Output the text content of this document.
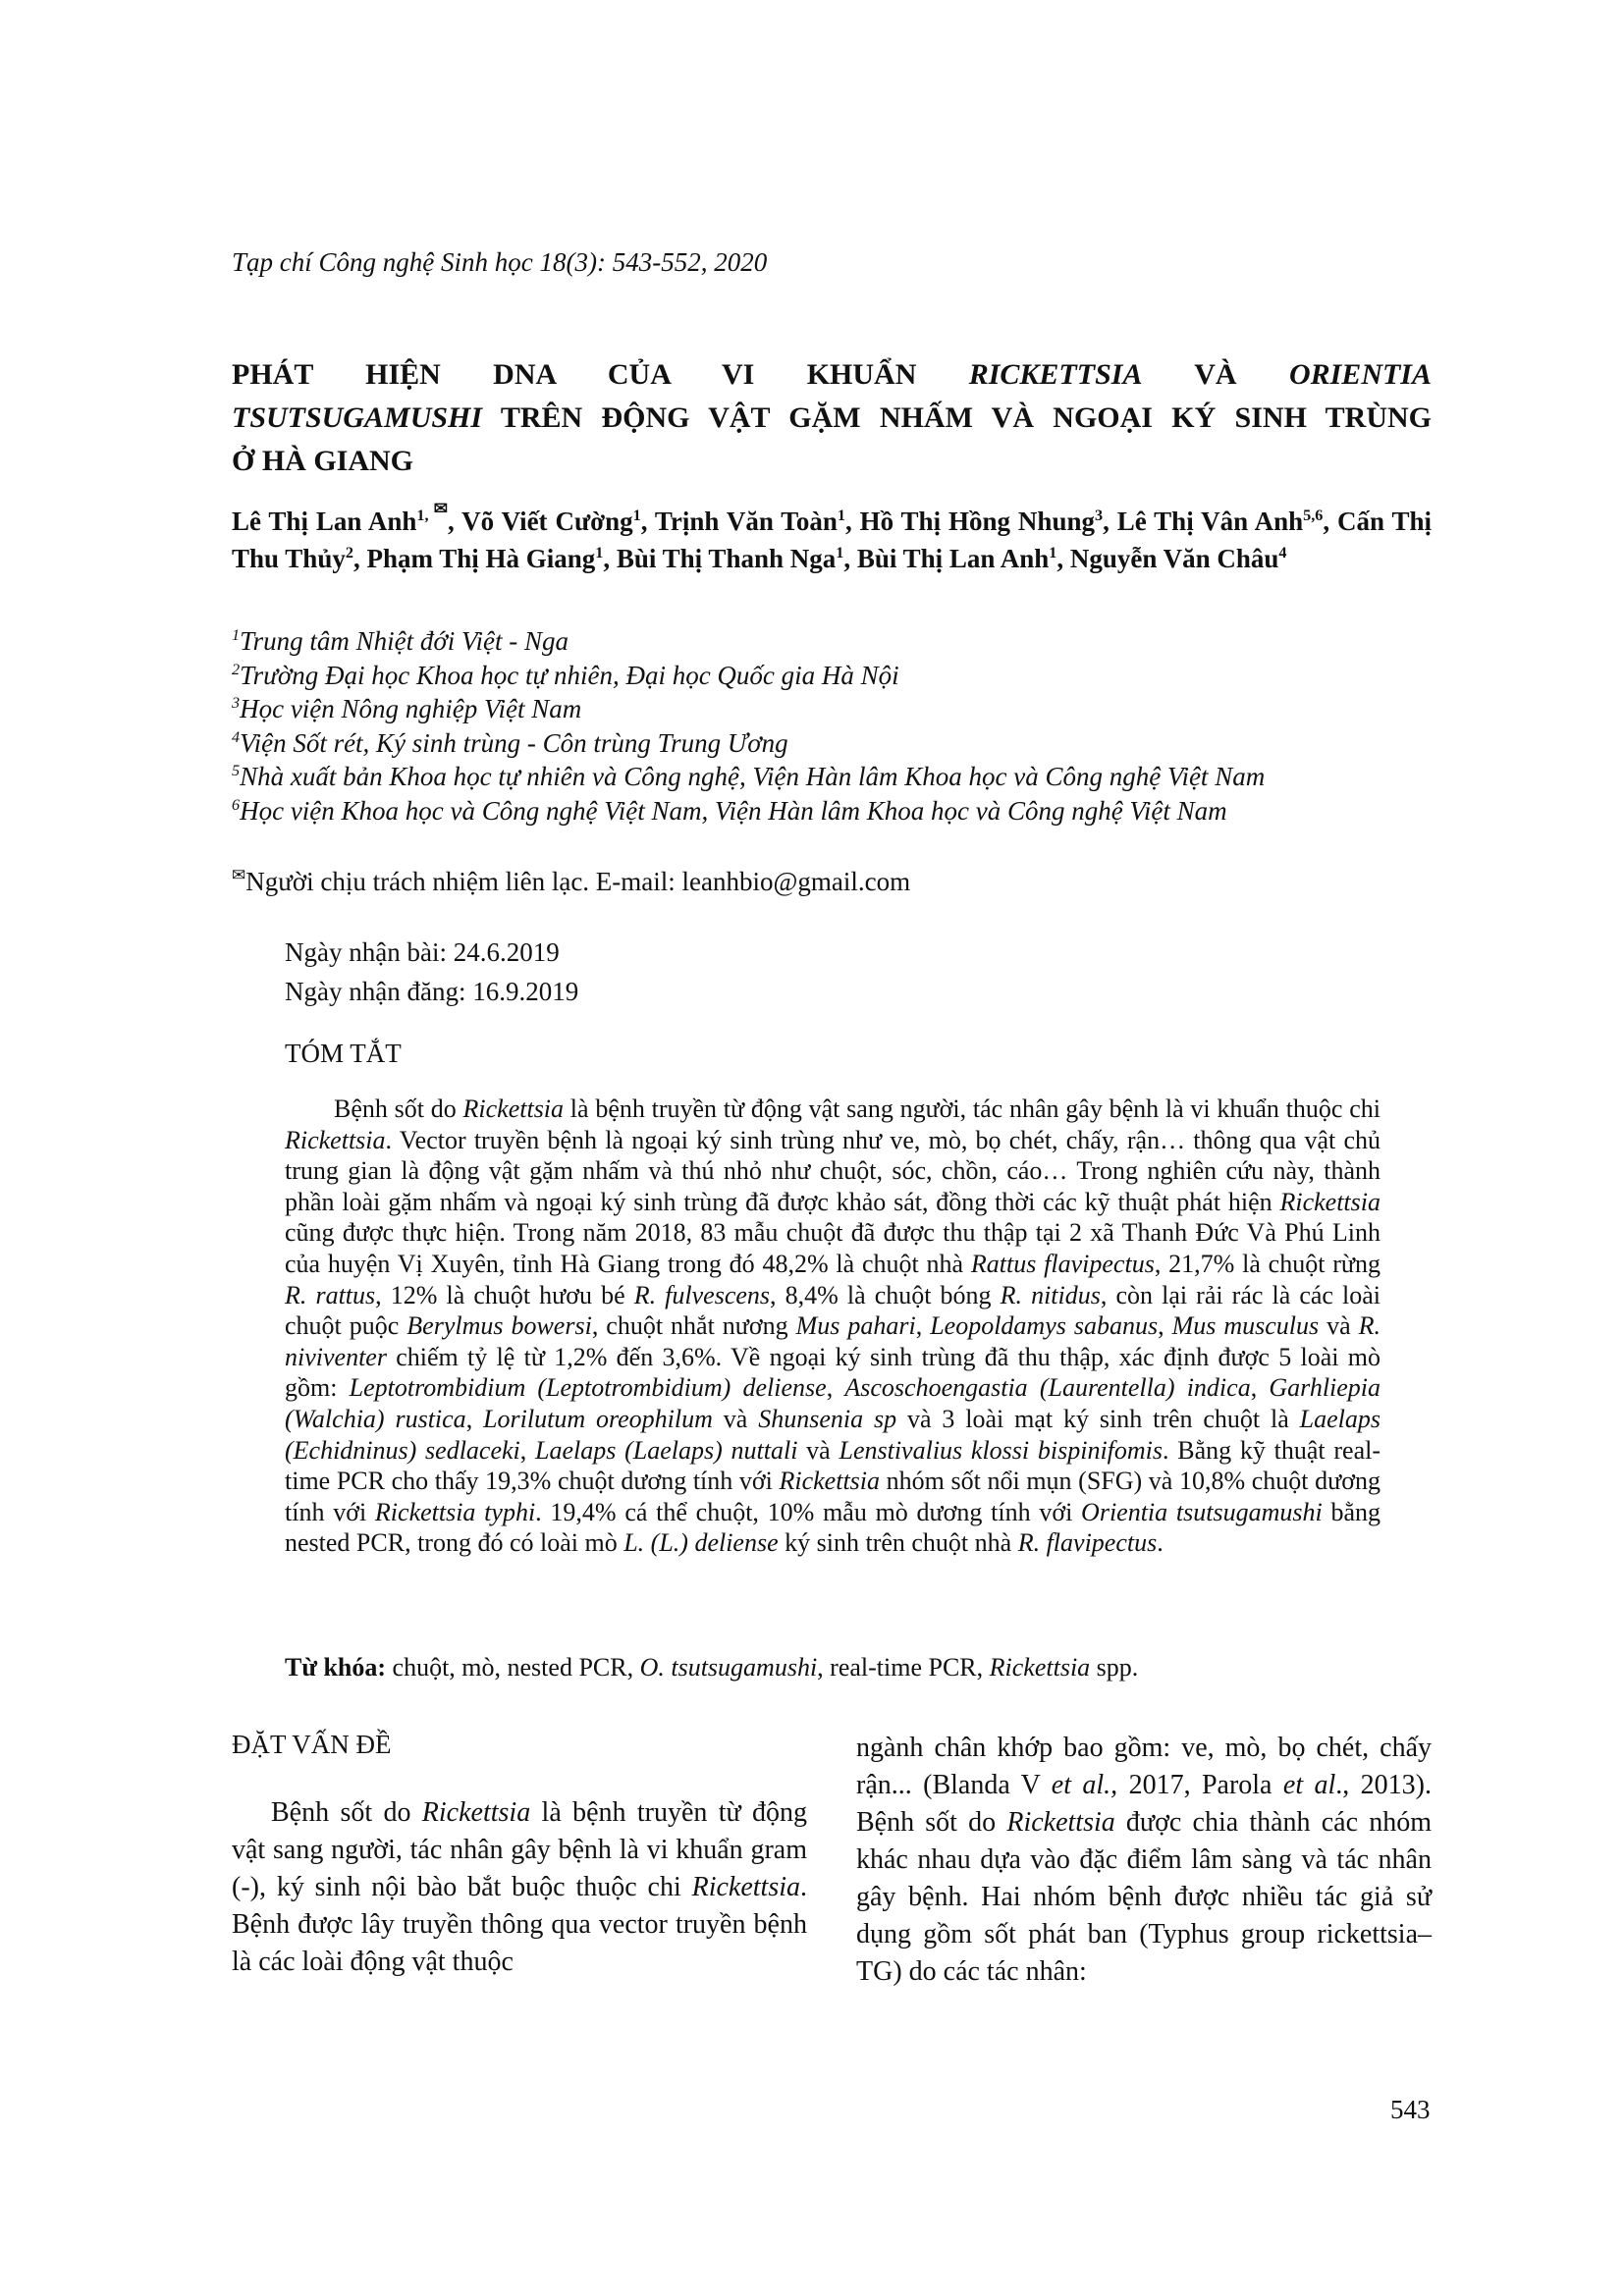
Tạp chí Công nghệ Sinh học 18(3): 543-552, 2020
PHÁT HIỆN DNA CỦA VI KHUẨN RICKETTSIA VÀ ORIENTIA
TSUTSUGAMUSHI TRÊN ĐỘNG VẬT GẶM NHẤM VÀ NGOẠI KÝ SINH TRÙNG
Ở HÀ GIANG
Lê Thị Lan Anh$^{1, ✉}$, Võ Viết Cường$^1$, Trịnh Văn Toàn$^1$, Hồ Thị Hồng Nhung$^3$, Lê Thị Vân Anh$^{5,6}$, Cấn Thị Thu Thủy$^2$, Phạm Thị Hà Giang$^1$, Bùi Thị Thanh Nga$^1$, Bùi Thị Lan Anh$^1$, Nguyễn Văn Châu$^4$
$^1$Trung tâm Nhiệt đới Việt - Nga
$^2$Trường Đại học Khoa học tự nhiên, Đại học Quốc gia Hà Nội
$^3$Học viện Nông nghiệp Việt Nam
$^4$Viện Sốt rét, Ký sinh trùng - Côn trùng Trung Ương
$^5$Nhà xuất bản Khoa học tự nhiên và Công nghệ, Viện Hàn lâm Khoa học và Công nghệ Việt Nam
$^6$Học viện Khoa học và Công nghệ Việt Nam, Viện Hàn lâm Khoa học và Công nghệ Việt Nam
✉Người chịu trách nhiệm liên lạc. E-mail: leanhbio@gmail.com
Ngày nhận bài: 24.6.2019
Ngày nhận đăng: 16.9.2019
TÓM TẮT
Bệnh sốt do Rickettsia là bệnh truyền từ động vật sang người, tác nhân gây bệnh là vi khuẩn thuộc chi Rickettsia. Vector truyền bệnh là ngoại ký sinh trùng như ve, mò, bọ chét, chấy, rận… thông qua vật chủ trung gian là động vật gặm nhấm và thú nhỏ như chuột, sóc, chồn, cáo… Trong nghiên cứu này, thành phần loài gặm nhấm và ngoại ký sinh trùng đã được khảo sát, đồng thời các kỹ thuật phát hiện Rickettsia cũng được thực hiện. Trong năm 2018, 83 mẫu chuột đã được thu thập tại 2 xã Thanh Đức Và Phú Linh của huyện Vị Xuyên, tỉnh Hà Giang trong đó 48,2% là chuột nhà Rattus flavipectus, 21,7% là chuột rừng R. rattus, 12% là chuột hươu bé R. fulvescens, 8,4% là chuột bóng R. nitidus, còn lại rải rác là các loài chuột puộc Berylmus bowersi, chuột nhắt nương Mus pahari, Leopoldamys sabanus, Mus musculus và R. niviventer chiếm tỷ lệ từ 1,2% đến 3,6%. Về ngoại ký sinh trùng đã thu thập, xác định được 5 loài mò gồm: Leptotrombidium (Leptotrombidium) deliense, Ascoschoengastia (Laurentella) indica, Garhliepia (Walchia) rustica, Lorilutum oreophilum và Shunsenia sp và 3 loài mạt ký sinh trên chuột là Laelaps (Echidninus) sedlaceki, Laelaps (Laelaps) nuttali và Lenstivalius klossi bispinifomis. Bằng kỹ thuật real-time PCR cho thấy 19,3% chuột dương tính với Rickettsia nhóm sốt nổi mụn (SFG) và 10,8% chuột dương tính với Rickettsia typhi. 19,4% cá thể chuột, 10% mẫu mò dương tính với Orientia tsutsugamushi bằng nested PCR, trong đó có loài mò L. (L.) deliense ký sinh trên chuột nhà R. flavipectus.
Từ khóa: chuột, mò, nested PCR, O. tsutsugamushi, real-time PCR, Rickettsia spp.
ĐẶT VẤN ĐỀ
Bệnh sốt do Rickettsia là bệnh truyền từ động vật sang người, tác nhân gây bệnh là vi khuẩn gram (-), ký sinh nội bào bắt buộc thuộc chi Rickettsia. Bệnh được lây truyền thông qua vector truyền bệnh là các loài động vật thuộc
ngành chân khớp bao gồm: ve, mò, bọ chét, chấy rận... (Blanda V et al., 2017, Parola et al., 2013). Bệnh sốt do Rickettsia được chia thành các nhóm khác nhau dựa vào đặc điểm lâm sàng và tác nhân gây bệnh. Hai nhóm bệnh được nhiều tác giả sử dụng gồm sốt phát ban (Typhus group rickettsia–TG) do các tác nhân:
543
